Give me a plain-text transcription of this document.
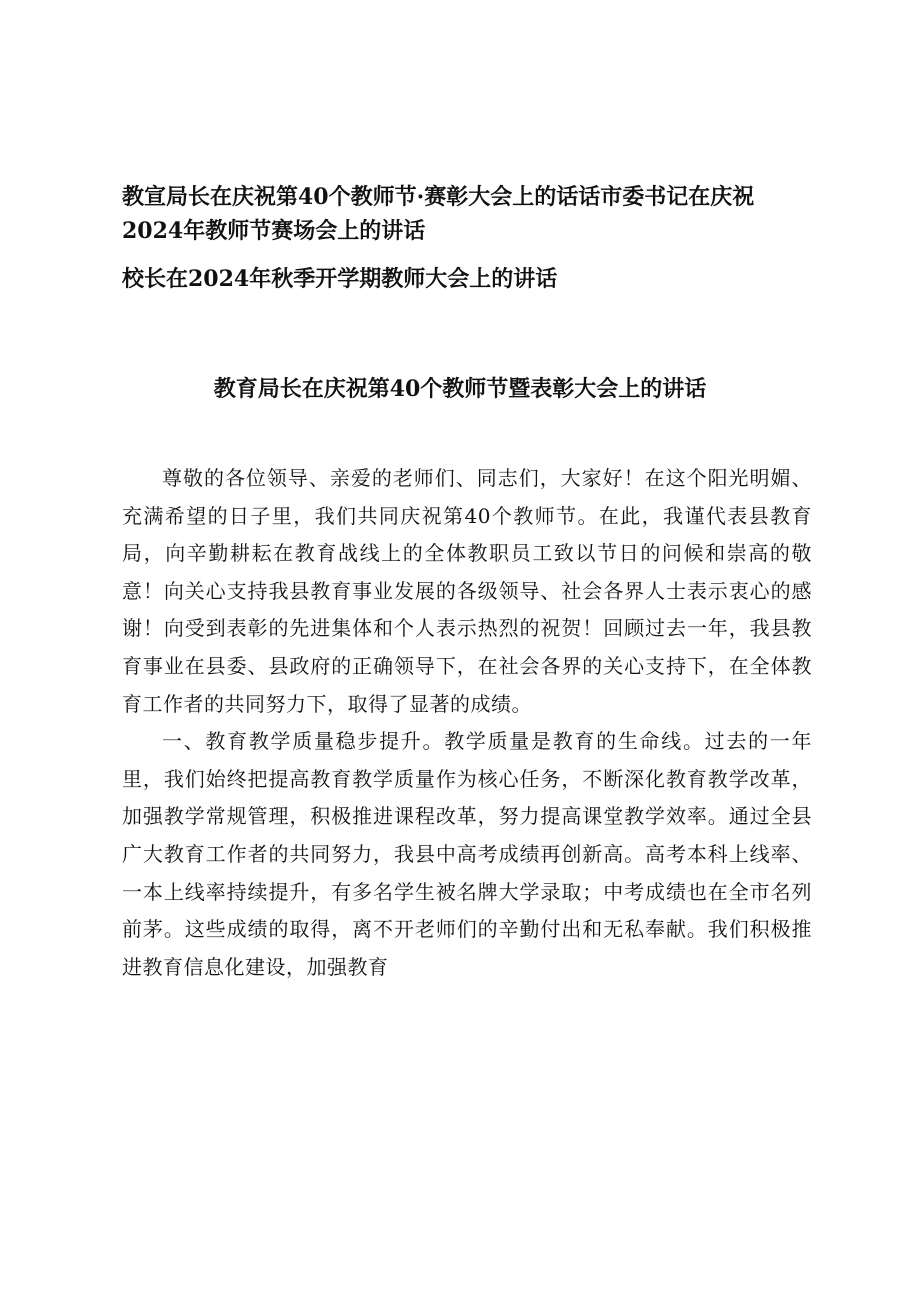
教宣局长在庆祝第40个教师节·赛彰大会上的话话市委书记在庆祝2024年教师节赛场会上的讲话

校长在2024年秋季开学期教师大会上的讲话

教育局长在庆祝第40个教师节暨表彰大会上的讲话

尊敬的各位领导、亲爱的老师们、同志们，大家好！在这个阳光明媚、充满希望的日子里，我们共同庆祝第40个教师节。在此，我谨代表县教育局，向辛勤耕耘在教育战线上的全体教职员工致以节日的问候和崇高的敬意！向关心支持我县教育事业发展的各级领导、社会各界人士表示衷心的感谢！向受到表彰的先进集体和个人表示热烈的祝贺！回顾过去一年，我县教育事业在县委、县政府的正确领导下，在社会各界的关心支持下，在全体教育工作者的共同努力下，取得了显著的成绩。

一、教育教学质量稳步提升。教学质量是教育的生命线。过去的一年里，我们始终把提高教育教学质量作为核心任务，不断深化教育教学改革，加强教学常规管理，积极推进课程改革，努力提高课堂教学效率。通过全县广大教育工作者的共同努力，我县中高考成绩再创新高。高考本科上线率、一本上线率持续提升，有多名学生被名牌大学录取；中考成绩也在全市名列前茅。这些成绩的取得，离不开老师们的辛勤付出和无私奉献。我们积极推进教育信息化建设，加强教育
